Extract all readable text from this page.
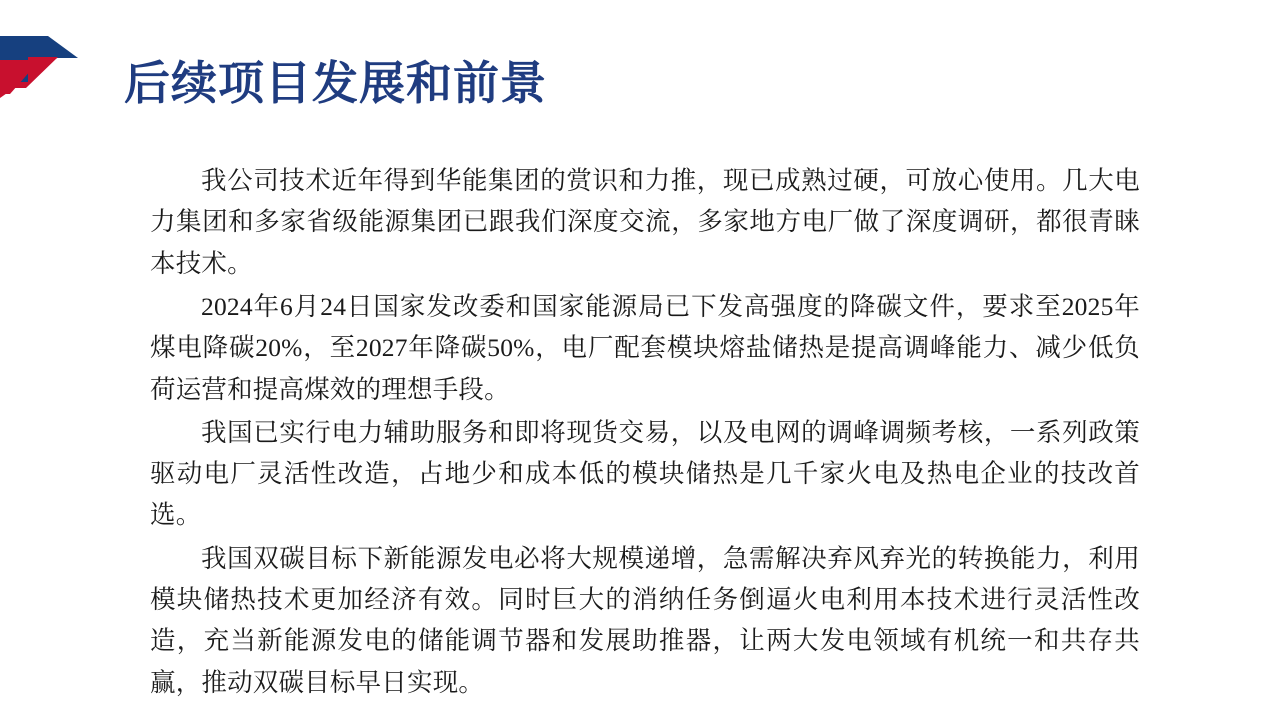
后续项目发展和前景

我公司技术近年得到华能集团的赏识和力推，现已成熟过硬，可放心使用。几大电力集团和多家省级能源集团已跟我们深度交流，多家地方电厂做了深度调研，都很青睐本技术。

2024年6月24日国家发改委和国家能源局已下发高强度的降碳文件，要求至2025年煤电降碳20%，至2027年降碳50%，电厂配套模块熔盐储热是提高调峰能力、减少低负荷运营和提高煤效的理想手段。

我国已实行电力辅助服务和即将现货交易，以及电网的调峰调频考核，一系列政策驱动电厂灵活性改造，占地少和成本低的模块储热是几千家火电及热电企业的技改首选。

我国双碳目标下新能源发电必将大规模递增，急需解决弃风弃光的转换能力，利用模块储热技术更加经济有效。同时巨大的消纳任务倒逼火电利用本技术进行灵活性改造，充当新能源发电的储能调节器和发展助推器，让两大发电领域有机统一和共存共赢，推动双碳目标早日实现。
